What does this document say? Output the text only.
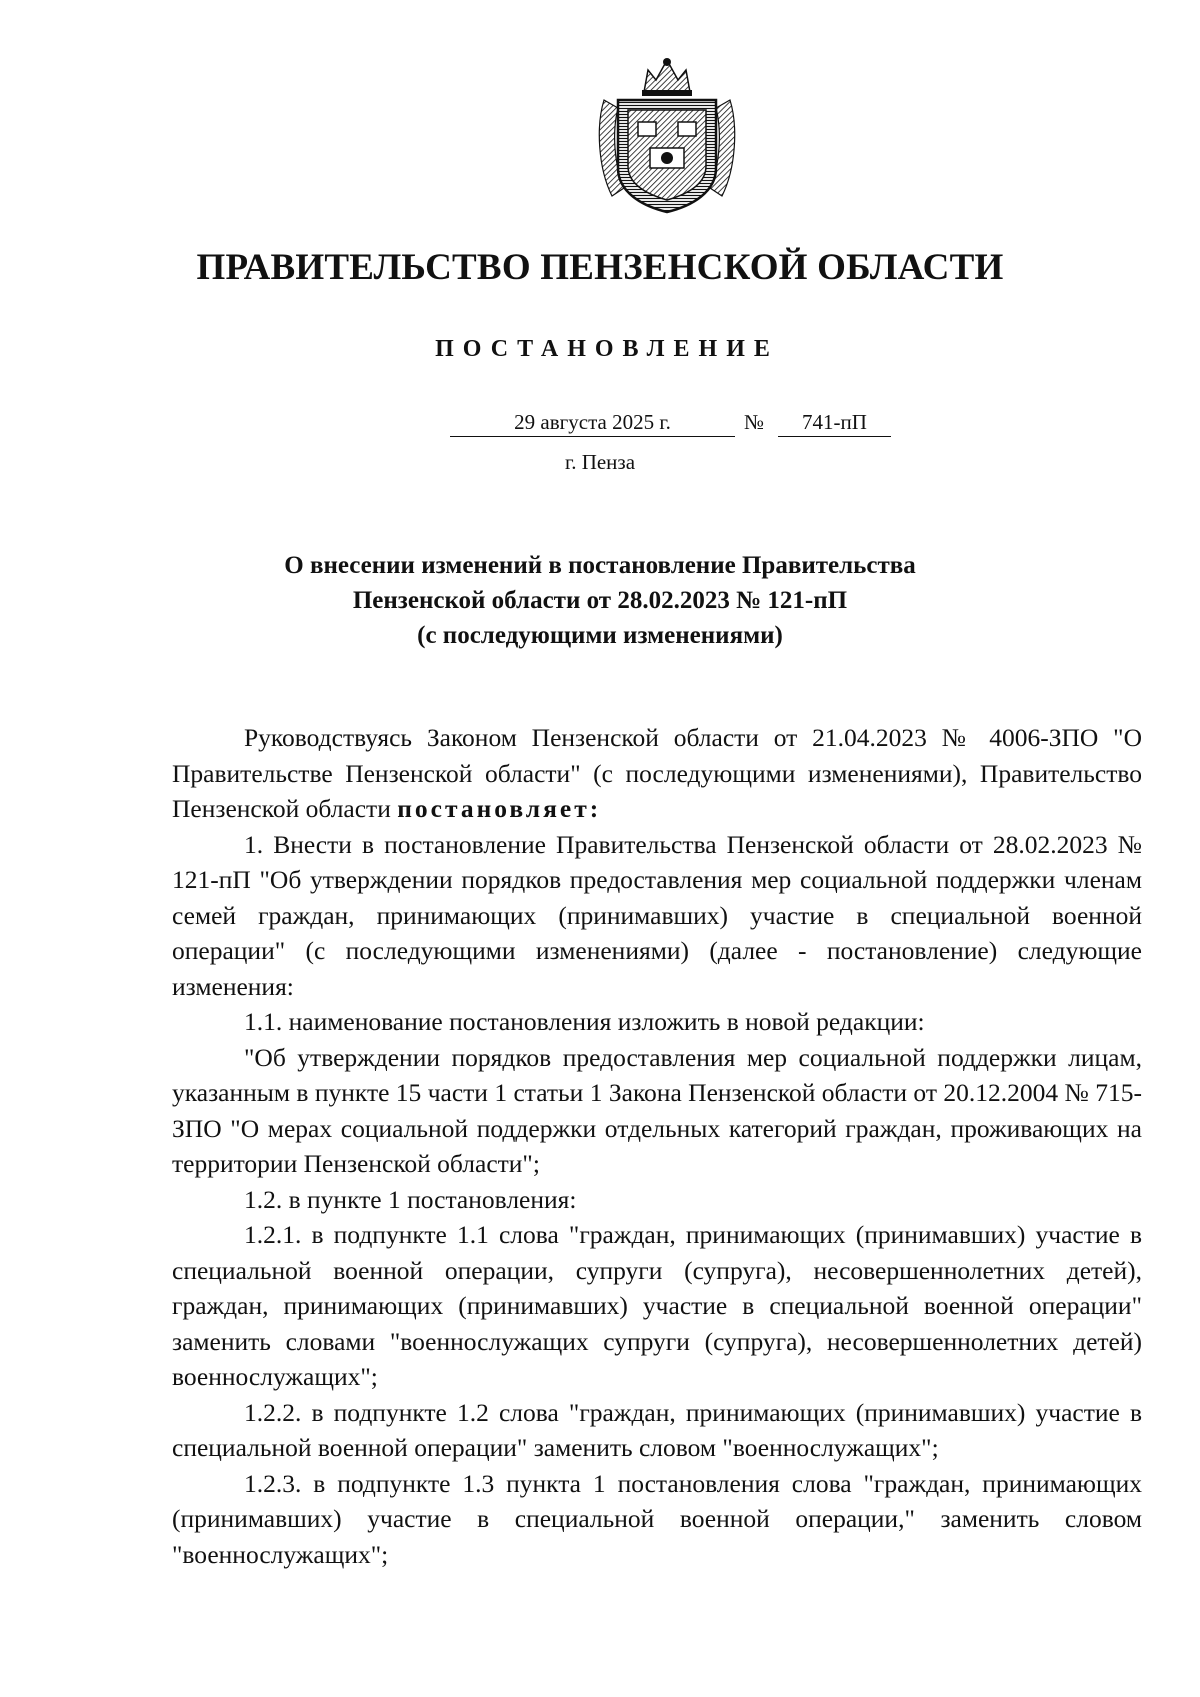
ПРАВИТЕЛЬСТВО ПЕНЗЕНСКОЙ ОБЛАСТИ
ПОСТАНОВЛЕНИЕ
29 августа 2025 г.	№	741-пП
г. Пенза
О внесении изменений в постановление Правительства
Пензенской области от 28.02.2023 № 121-пП
(с последующими изменениями)

Руководствуясь Законом Пензенской области от 21.04.2023 № 4006-ЗПО "О Правительстве Пензенской области" (с последующими изменениями), Правительство Пензенской области постановляет:

1. Внести в постановление Правительства Пензенской области от 28.02.2023 № 121-пП "Об утверждении порядков предоставления мер социальной поддержки членам семей граждан, принимающих (принимавших) участие в специальной военной операции" (с последующими изменениями) (далее - постановление) следующие изменения:

1.1. наименование постановления изложить в новой редакции:

"Об утверждении порядков предоставления мер социальной поддержки лицам, указанным в пункте 15 части 1 статьи 1 Закона Пензенской области от 20.12.2004 № 715-ЗПО "О мерах социальной поддержки отдельных категорий граждан, проживающих на территории Пензенской области";

1.2. в пункте 1 постановления:

1.2.1. в подпункте 1.1 слова "граждан, принимающих (принимавших) участие в специальной военной операции, супруги (супруга), несовершеннолетних детей), граждан, принимающих (принимавших) участие в специальной военной операции" заменить словами "военнослужащих супруги (супруга), несовершеннолетних детей) военнослужащих";

1.2.2. в подпункте 1.2 слова "граждан, принимающих (принимавших) участие в специальной военной операции" заменить словом "военнослужащих";

1.2.3. в подпункте 1.3 пункта 1 постановления слова "граждан, принимающих (принимавших) участие в специальной военной операции," заменить словом "военнослужащих";
